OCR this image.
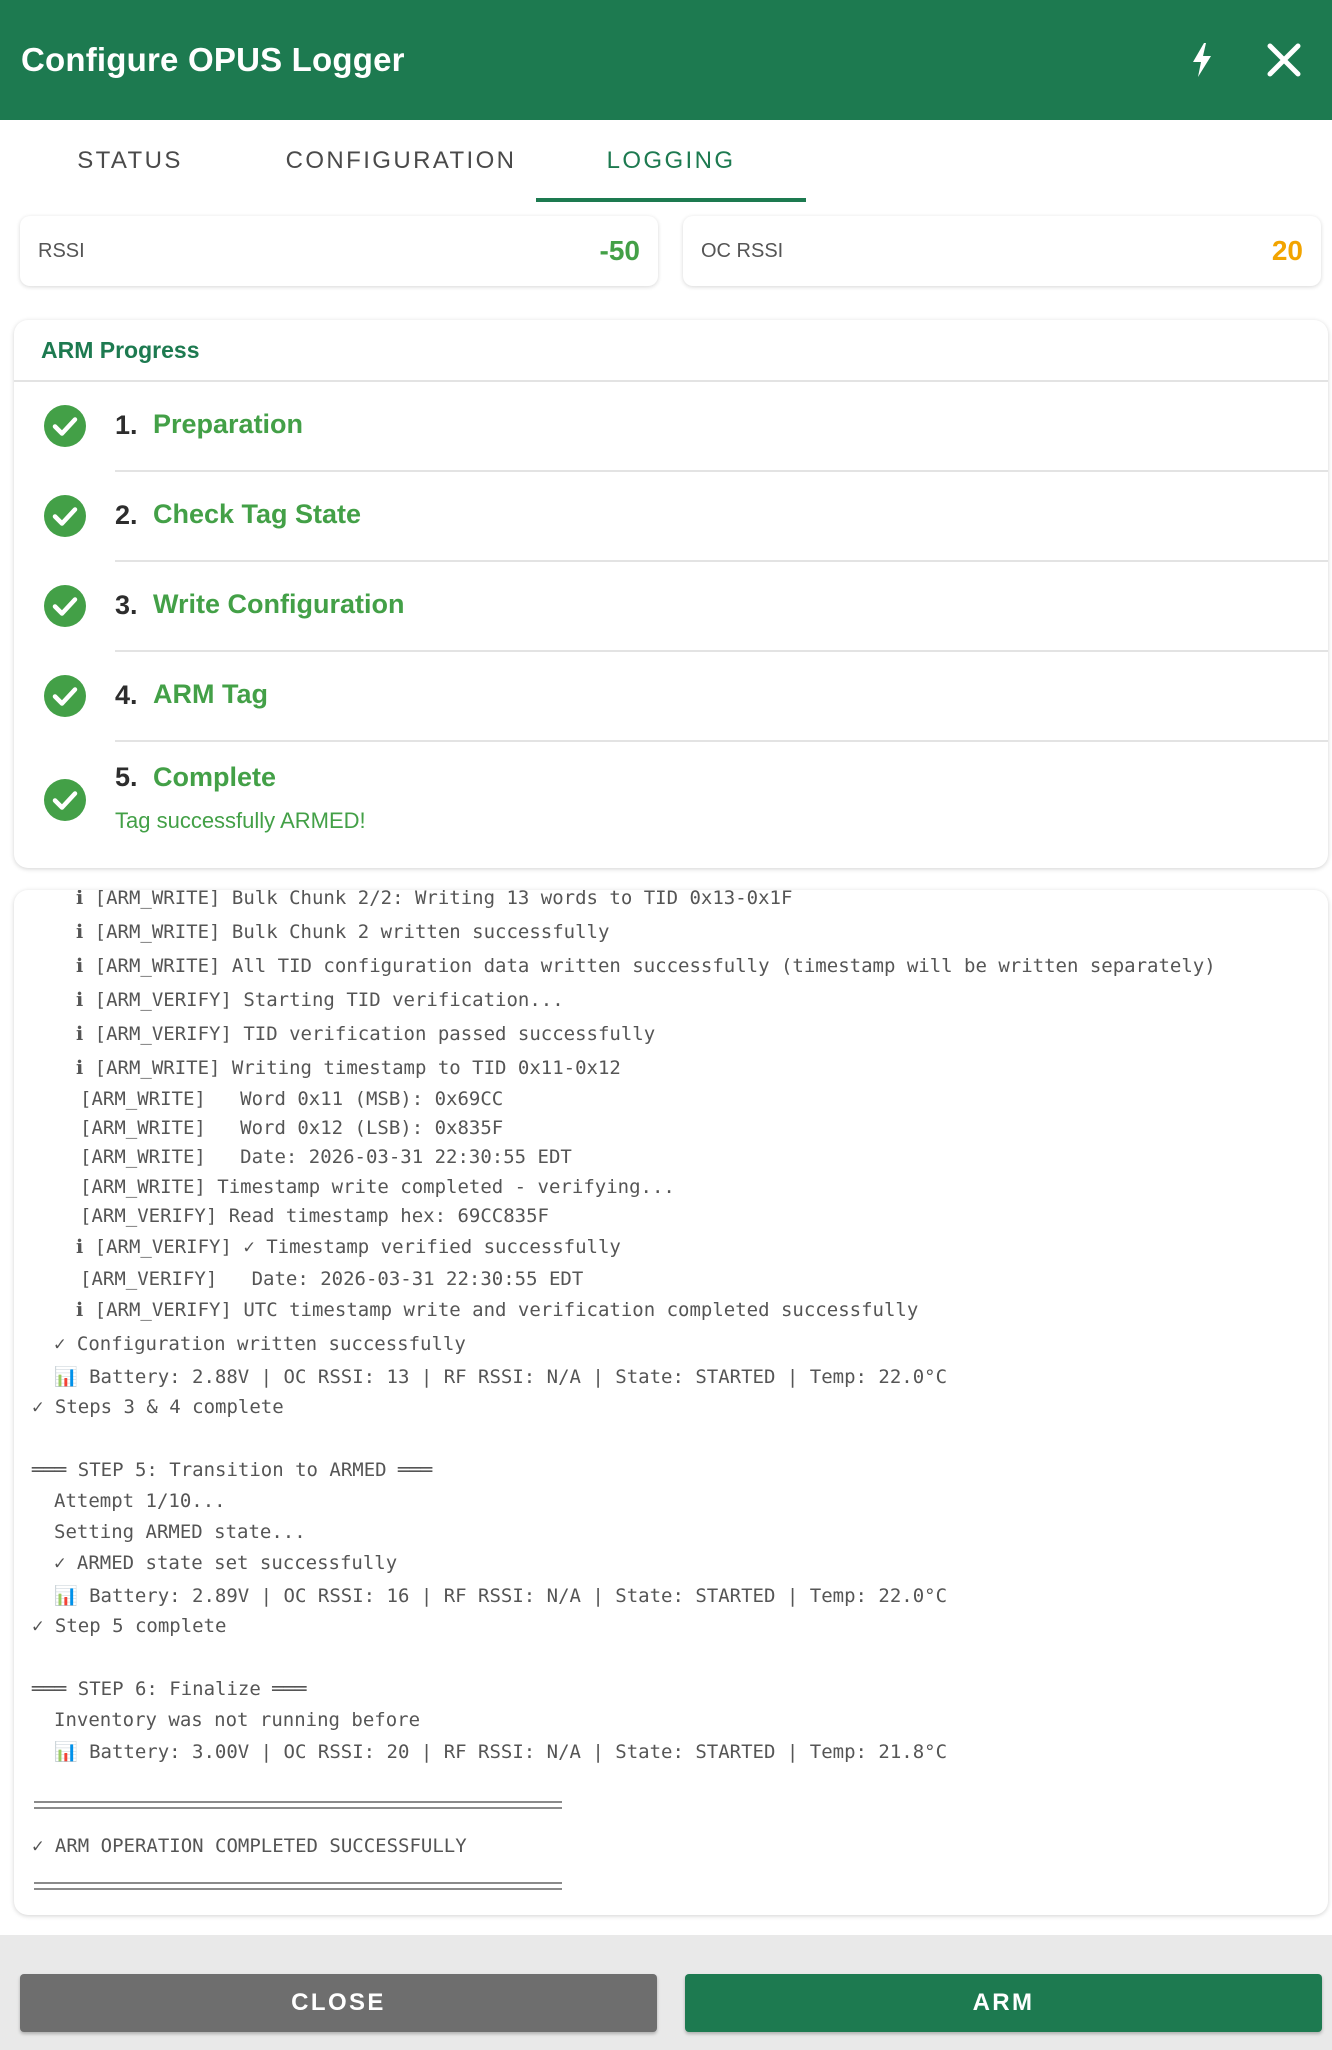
Configure OPUS Logger
STATUS	CONFIGURATION	LOGGING
RSSI	-50	OC RSSI	20
ARM Progress
1. Preparation
2. Check Tag State
3. Write Configuration
4. ARM Tag
5. Complete
Tag successfully ARMED!
ℹ [ARM_WRITE] Bulk Chunk 2/2: Writing 13 words to TID 0x13-0x1F
ℹ [ARM_WRITE] Bulk Chunk 2 written successfully
ℹ [ARM_WRITE] All TID configuration data written successfully (timestamp will be written separately)
ℹ [ARM_VERIFY] Starting TID verification...
ℹ [ARM_VERIFY] TID verification passed successfully
ℹ [ARM_WRITE] Writing timestamp to TID 0x11-0x12
[ARM_WRITE]   Word 0x11 (MSB): 0x69CC
[ARM_WRITE]   Word 0x12 (LSB): 0x835F
[ARM_WRITE]   Date: 2026-03-31 22:30:55 EDT
[ARM_WRITE] Timestamp write completed - verifying...
[ARM_VERIFY] Read timestamp hex: 69CC835F
ℹ [ARM_VERIFY] ✓ Timestamp verified successfully
[ARM_VERIFY]   Date: 2026-03-31 22:30:55 EDT
ℹ [ARM_VERIFY] UTC timestamp write and verification completed successfully
✓ Configuration written successfully
📊 Battery: 2.88V | OC RSSI: 13 | RF RSSI: N/A | State: STARTED | Temp: 22.0°C
✓ Steps 3 & 4 complete
═══ STEP 5: Transition to ARMED ═══
Attempt 1/10...
Setting ARMED state...
✓ ARMED state set successfully
📊 Battery: 2.89V | OC RSSI: 16 | RF RSSI: N/A | State: STARTED | Temp: 22.0°C
✓ Step 5 complete
═══ STEP 6: Finalize ═══
Inventory was not running before
📊 Battery: 3.00V | OC RSSI: 20 | RF RSSI: N/A | State: STARTED | Temp: 21.8°C
✓ ARM OPERATION COMPLETED SUCCESSFULLY
CLOSE	ARM
